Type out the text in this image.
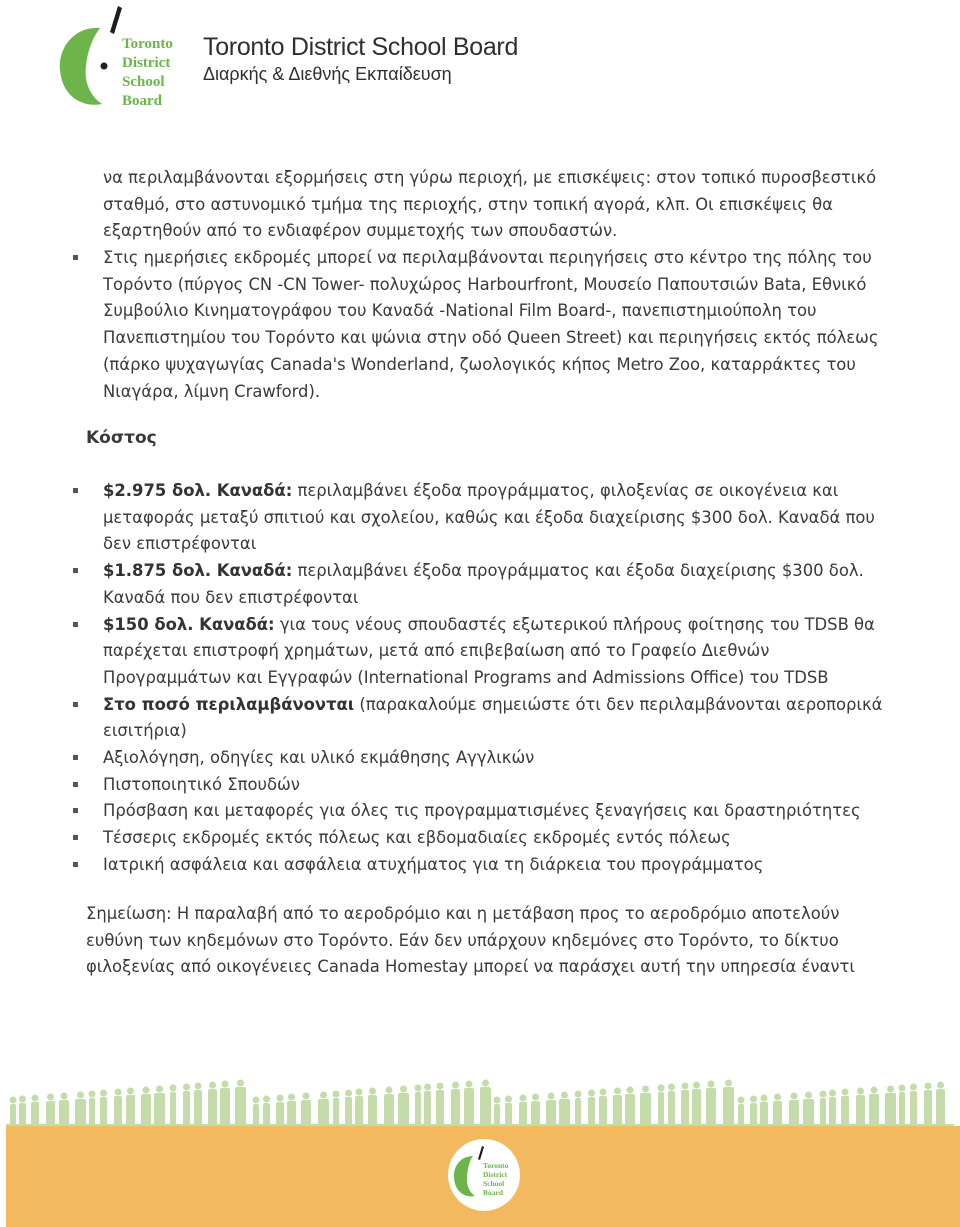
Toronto
District
School
Board
Toronto District School Board
Διαρκής & Διεθνής Εκπαίδευση
να περιλαμβάνονται εξορμήσεις στη γύρω περιοχή, με επισκέψεις: στον τοπικό πυροσβεστικό σταθμό, στο αστυνομικό τμήμα της περιοχής, στην τοπική αγορά, κλπ. Οι επισκέψεις θα εξαρτηθούν από το ενδιαφέρον συμμετοχής των σπουδαστών.
Στις ημερήσιες εκδρομές μπορεί να περιλαμβάνονται περιηγήσεις στο κέντρο της πόλης του Τορόντο (πύργος CN -CN Tower- πολυχώρος Harbourfront, Μουσείο Παπουτσιών Bata, Εθνικό Συμβούλιο Κινηματογράφου του Καναδά -National Film Board-, πανεπιστημιούπολη του Πανεπιστημίου του Τορόντο και ψώνια στην οδό Queen Street) και περιηγήσεις εκτός πόλεως (πάρκο ψυχαγωγίας Canada's Wonderland, ζωολογικός κήπος Metro Zoo, καταρράκτες του Νιαγάρα, λίμνη Crawford).
Κόστος
$2.975 δολ. Καναδά: περιλαμβάνει έξοδα προγράμματος, φιλοξενίας σε οικογένεια και μεταφοράς μεταξύ σπιτιού και σχολείου, καθώς και έξοδα διαχείρισης $300 δολ. Καναδά που δεν επιστρέφονται
$1.875 δολ. Καναδά: περιλαμβάνει έξοδα προγράμματος και έξοδα διαχείρισης $300 δολ. Καναδά που δεν επιστρέφονται
$150 δολ. Καναδά: για τους νέους σπουδαστές εξωτερικού πλήρους φοίτησης του TDSB θα παρέχεται επιστροφή χρημάτων, μετά από επιβεβαίωση από το Γραφείο Διεθνών Προγραμμάτων και Εγγραφών (International Programs and Admissions Office) του TDSB
Στο ποσό περιλαμβάνονται (παρακαλούμε σημειώστε ότι δεν περιλαμβάνονται αεροπορικά εισιτήρια)
Αξιολόγηση, οδηγίες και υλικό εκμάθησης Αγγλικών
Πιστοποιητικό Σπουδών
Πρόσβαση και μεταφορές για όλες τις προγραμματισμένες ξεναγήσεις και δραστηριότητες
Τέσσερις εκδρομές εκτός πόλεως και εβδομαδιαίες εκδρομές εντός πόλεως
Ιατρική ασφάλεια και ασφάλεια ατυχήματος για τη διάρκεια του προγράμματος
Σημείωση: Η παραλαβή από το αεροδρόμιο και η μετάβαση προς το αεροδρόμιο αποτελούν ευθύνη των κηδεμόνων στο Τορόντο. Εάν δεν υπάρχουν κηδεμόνες στο Τορόντο, το δίκτυο φιλοξενίας από οικογένειες Canada Homestay μπορεί να παράσχει αυτή την υπηρεσία έναντι
Toronto
District
School
Board
